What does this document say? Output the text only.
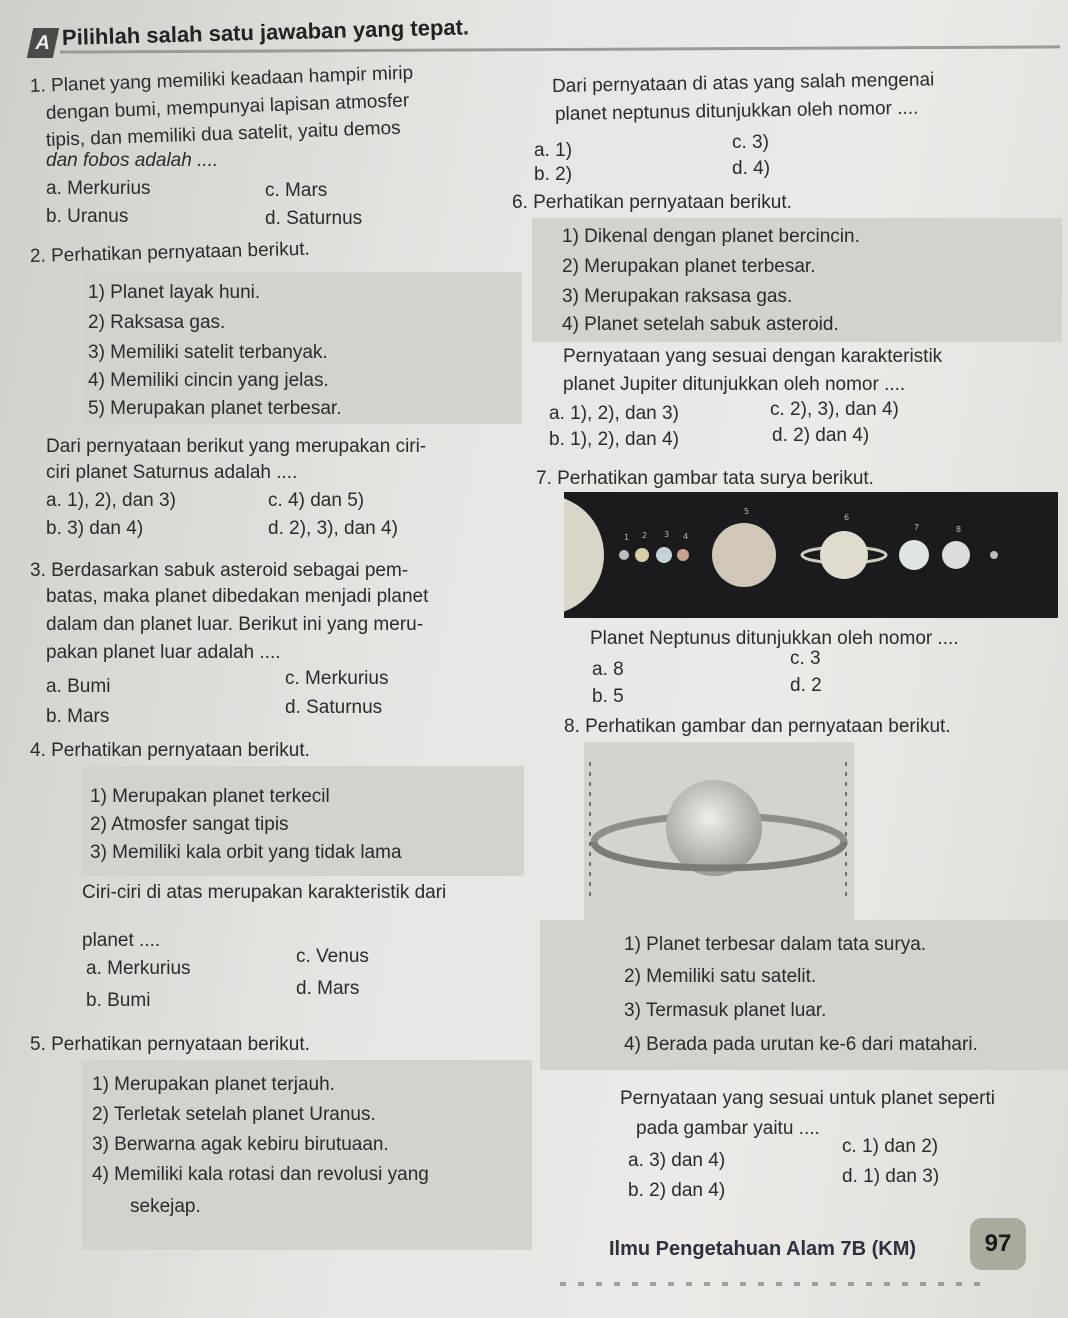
A Pilihlah salah satu jawaban yang tepat.
1. Planet yang memiliki keadaan hampir mirip
dengan bumi, mempunyai lapisan atmosfer
tipis, dan memiliki dua satelit, yaitu demos
dan fobos adalah ....
a. Merkurius
b. Uranus
c. Mars
d. Saturnus
2. Perhatikan pernyataan berikut.
1) Planet layak huni.
2) Raksasa gas.
3) Memiliki satelit terbanyak.
4) Memiliki cincin yang jelas.
5) Merupakan planet terbesar.
Dari pernyataan berikut yang merupakan ciri-
ciri planet Saturnus adalah ....
a. 1), 2), dan 3)
b. 3) dan 4)
c. 4) dan 5)
d. 2), 3), dan 4)
3. Berdasarkan sabuk asteroid sebagai pem-
batas, maka planet dibedakan menjadi planet
dalam dan planet luar. Berikut ini yang meru-
pakan planet luar adalah ....
a. Bumi
b. Mars
c. Merkurius
d. Saturnus
4. Perhatikan pernyataan berikut.
1) Merupakan planet terkecil
2) Atmosfer sangat tipis
3) Memiliki kala orbit yang tidak lama
Ciri-ciri di atas merupakan karakteristik dari
planet ....
a. Merkurius
b. Bumi
c. Venus
d. Mars
5. Perhatikan pernyataan berikut.
1) Merupakan planet terjauh.
2) Terletak setelah planet Uranus.
3) Berwarna agak kebiru birutuaan.
4) Memiliki kala rotasi dan revolusi yang
sekejap.
Dari pernyataan di atas yang salah mengenai
planet neptunus ditunjukkan oleh nomor ....
a. 1)
b. 2)
c. 3)
d. 4)
6. Perhatikan pernyataan berikut.
1) Dikenal dengan planet bercincin.
2) Merupakan planet terbesar.
3) Merupakan raksasa gas.
4) Planet setelah sabuk asteroid.
Pernyataan yang sesuai dengan karakteristik
planet Jupiter ditunjukkan oleh nomor ....
a. 1), 2), dan 3)
b. 1), 2), dan 4)
c. 2), 3), dan 4)
d. 2) dan 4)
7. Perhatikan gambar tata surya berikut.
1 2 3 4
5
6
7	8
Planet Neptunus ditunjukkan oleh nomor ....
a. 8
b. 5
c. 3
d. 2
8. Perhatikan gambar dan pernyataan berikut.
1) Planet terbesar dalam tata surya.
2) Memiliki satu satelit.
3) Termasuk planet luar.
4) Berada pada urutan ke-6 dari matahari.
Pernyataan yang sesuai untuk planet seperti
pada gambar yaitu ....
a. 3) dan 4)
b. 2) dan 4)
c. 1) dan 2)
d. 1) dan 3)
Ilmu Pengetahuan Alam 7B (KM)	97
